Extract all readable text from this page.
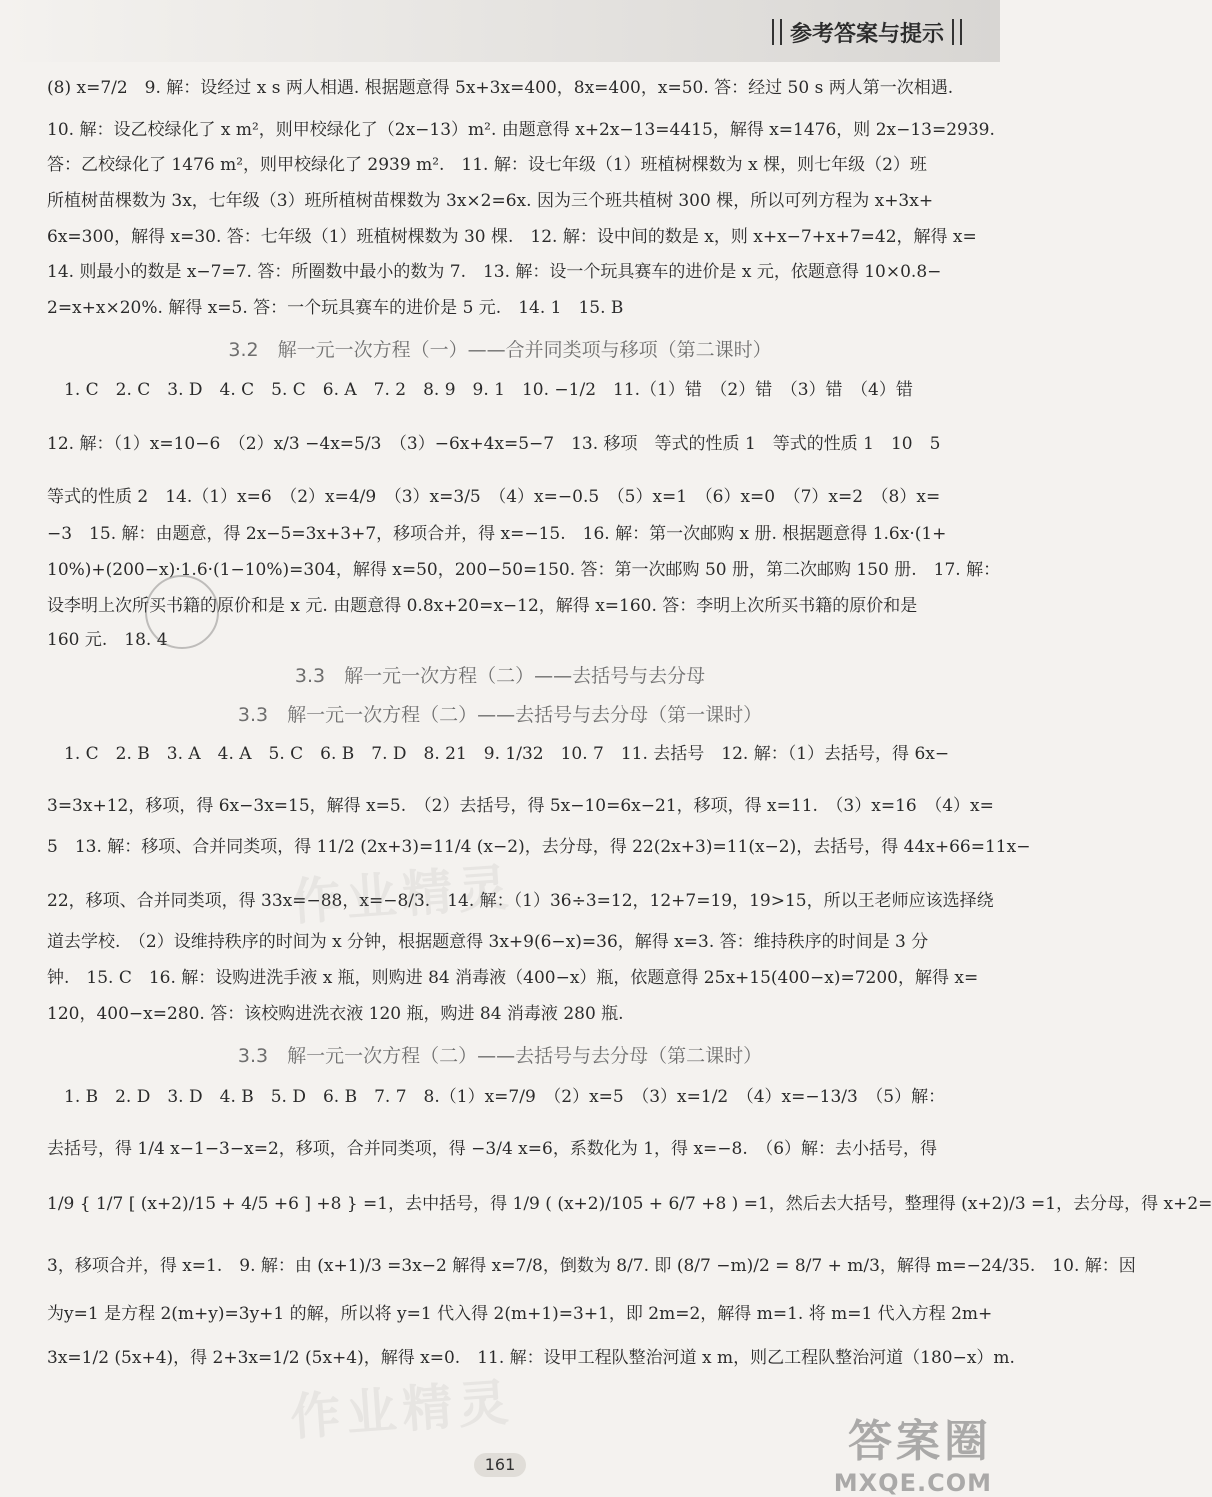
参考答案与提示
(8) x=7/2　9. 解：设经过 x s 两人相遇. 根据题意得 5x+3x=400，8x=400，x=50. 答：经过 50 s 两人第一次相遇.
10. 解：设乙校绿化了 x m²，则甲校绿化了（2x−13）m². 由题意得 x+2x−13=4415，解得 x=1476，则 2x−13=2939.
答：乙校绿化了 1476 m²，则甲校绿化了 2939 m².　11. 解：设七年级（1）班植树棵数为 x 棵，则七年级（2）班
所植树苗棵数为 3x，七年级（3）班所植树苗棵数为 3x×2=6x. 因为三个班共植树 300 棵，所以可列方程为 x+3x+
6x=300，解得 x=30. 答：七年级（1）班植树棵数为 30 棵.　12. 解：设中间的数是 x，则 x+x−7+x+7=42，解得 x=
14. 则最小的数是 x−7=7. 答：所圈数中最小的数为 7.　13. 解：设一个玩具赛车的进价是 x 元，依题意得 10×0.8−
2=x+x×20%. 解得 x=5. 答：一个玩具赛车的进价是 5 元.　14. 1　15. B
3.2　解一元一次方程（一）——合并同类项与移项（第二课时）
　1. C　2. C　3. D　4. C　5. C　6. A　7. 2　8. 9　9. 1　10. −1/2　11.（1）错　（2）错　（3）错　（4）错
12. 解：（1）x=10−6　（2）x/3 −4x=5/3　（3）−6x+4x=5−7　13. 移项　等式的性质 1　等式的性质 1　10　5
等式的性质 2　14.（1）x=6　（2）x=4/9　（3）x=3/5　（4）x=−0.5　（5）x=1　（6）x=0　（7）x=2　（8）x=
−3　15. 解：由题意，得 2x−5=3x+3+7，移项合并，得 x=−15.　16. 解：第一次邮购 x 册. 根据题意得 1.6x·(1+
10%)+(200−x)·1.6·(1−10%)=304，解得 x=50，200−50=150. 答：第一次邮购 50 册，第二次邮购 150 册.　17. 解：
设李明上次所买书籍的原价和是 x 元. 由题意得 0.8x+20=x−12，解得 x=160. 答：李明上次所买书籍的原价和是
160 元.　18. 4
3.3　解一元一次方程（二）——去括号与去分母
3.3　解一元一次方程（二）——去括号与去分母（第一课时）
　1. C　2. B　3. A　4. A　5. C　6. B　7. D　8. 21　9. 1/32　10. 7　11. 去括号　12. 解：（1）去括号，得 6x−
3=3x+12，移项，得 6x−3x=15，解得 x=5.　（2）去括号，得 5x−10=6x−21，移项，得 x=11.　（3）x=16　（4）x=
5　13. 解：移项、合并同类项，得 11/2 (2x+3)=11/4 (x−2)，去分母，得 22(2x+3)=11(x−2)，去括号，得 44x+66=11x−
22，移项、合并同类项，得 33x=−88，x=−8/3.　14. 解：（1）36÷3=12，12+7=19，19>15，所以王老师应该选择绕
道去学校.　（2）设维持秩序的时间为 x 分钟，根据题意得 3x+9(6−x)=36，解得 x=3. 答：维持秩序的时间是 3 分
钟.　15. C　16. 解：设购进洗手液 x 瓶，则购进 84 消毒液（400−x）瓶，依题意得 25x+15(400−x)=7200，解得 x=
120，400−x=280. 答：该校购进洗衣液 120 瓶，购进 84 消毒液 280 瓶.
3.3　解一元一次方程（二）——去括号与去分母（第二课时）
　1. B　2. D　3. D　4. B　5. D　6. B　7. 7　8.（1）x=7/9　（2）x=5　（3）x=1/2　（4）x=−13/3　（5）解：
去括号，得 1/4 x−1−3−x=2，移项，合并同类项，得 −3/4 x=6，系数化为 1，得 x=−8.　（6）解：去小括号，得
1/9 { 1/7 [ (x+2)/15 + 4/5 +6 ] +8 } =1，去中括号，得 1/9 ( (x+2)/105 + 6/7 +8 ) =1，然后去大括号，整理得 (x+2)/3 =1，去分母，得 x+2=
3，移项合并，得 x=1.　9. 解：由 (x+1)/3 =3x−2 解得 x=7/8，倒数为 8/7. 即 (8/7 −m)/2 = 8/7 + m/3，解得 m=−24/35.　10. 解：因
为y=1 是方程 2(m+y)=3y+1 的解，所以将 y=1 代入得 2(m+1)=3+1，即 2m=2，解得 m=1. 将 m=1 代入方程 2m+
3x=1/2 (5x+4)，得 2+3x=1/2 (5x+4)，解得 x=0.　11. 解：设甲工程队整治河道 x m，则乙工程队整治河道（180−x）m.
作业精灵
作业精灵	答案圈
MXQE.COM
161
